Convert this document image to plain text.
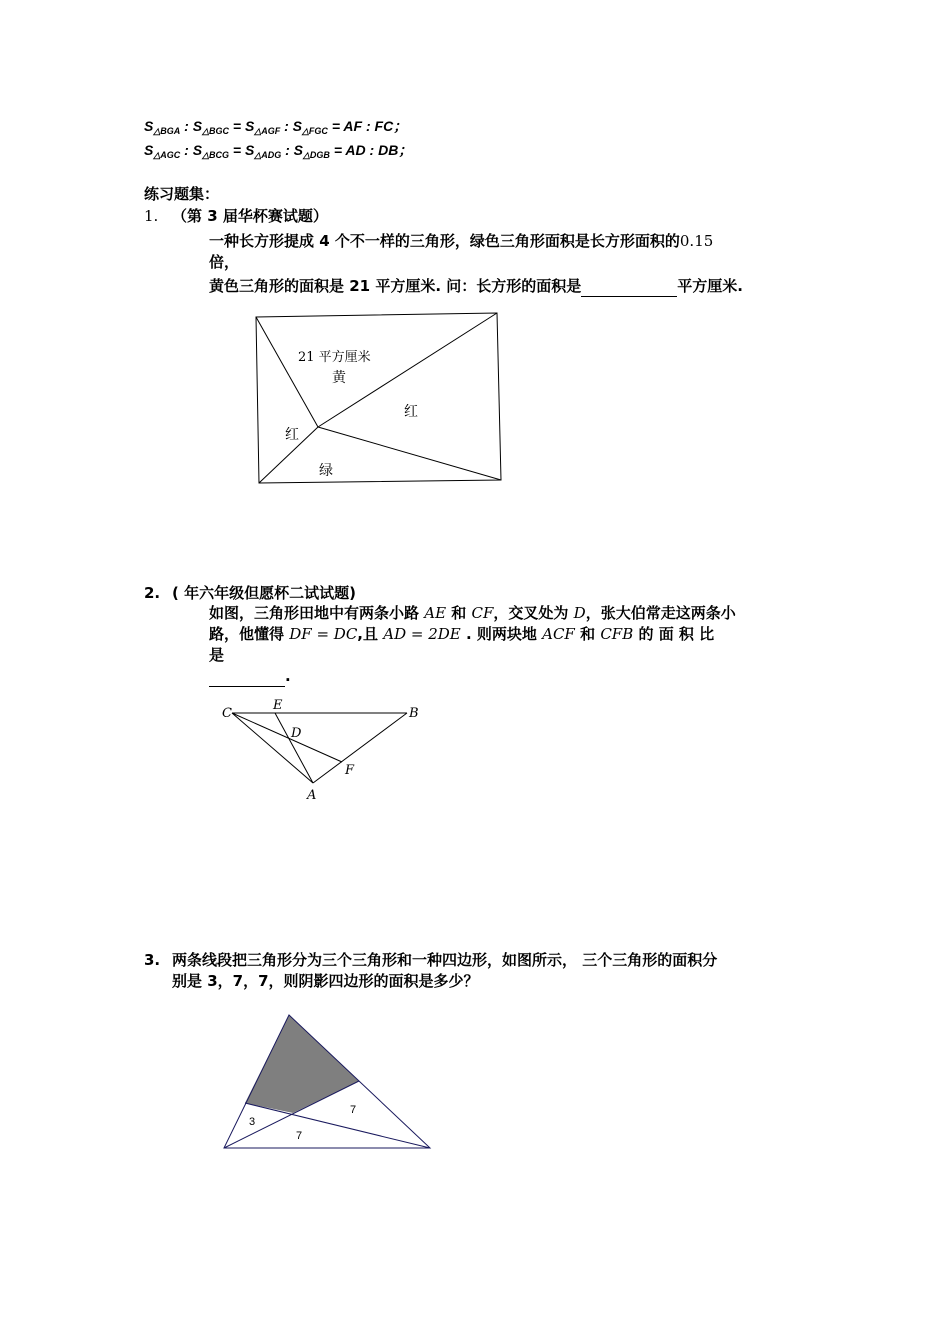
$S_{\triangle BGA}$ : $S_{\triangle BGC} = S_{\triangle AGF}$ : $S_{\triangle FGC}$ = AF : FC；
$S_{\triangle AGC}$ : $S_{\triangle BCG} = S_{\triangle ADG}$ : $S_{\triangle DGB}$ = AD : DB；
练习题集：
1. （第 3 届华杯赛试题）
一种长方形提成 4 个不一样的三角形，绿色三角形面积是长方形面积的0.15
倍，
黄色三角形的面积是 21 平方厘米. 问：长方形的面积是	平方厘米.
21 平方厘米
黄
红
红
绿
2. ( 年六年级但愿杯二试试题)
如图，三角形田地中有两条小路 AE 和 CF，交叉处为 D，张大伯常走这两条小
路，他懂得 DF = DC,且 AD = 2DE . 则两块地 ACF 和 CFB 的 面 积 比
是
.
C
E
B
D
F
A
3. 两条线段把三角形分为三个三角形和一种四边形，如图所示， 三个三角形的面积分
别是 3，7，7，则阴影四边形的面积是多少？
3
7
7
